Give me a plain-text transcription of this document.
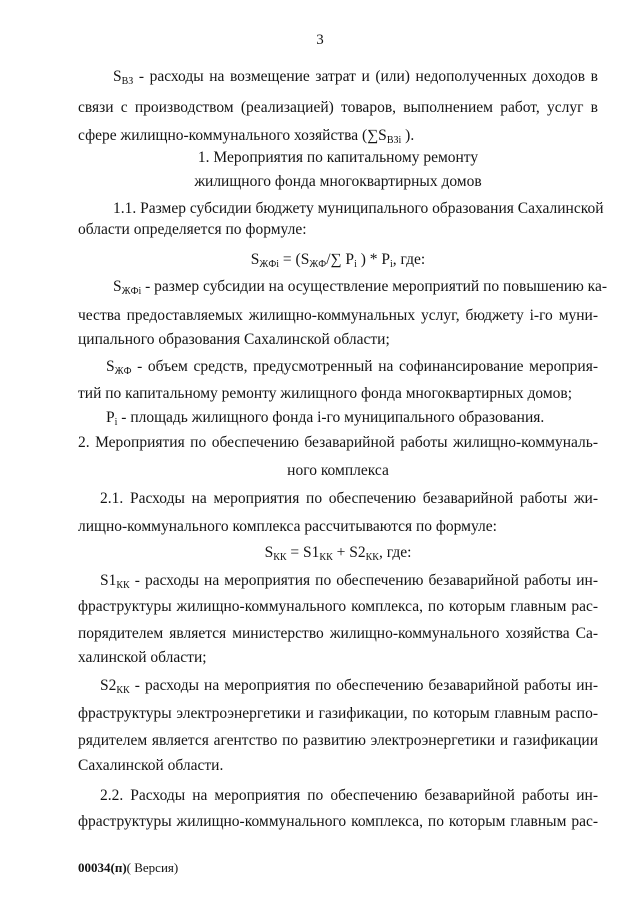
3
$S_{ВЗ}$ - расходы на возмещение затрат и (или) недополученных доходов в
связи с производством (реализацией) товаров, выполнением работ, услуг в
сфере жилищно-коммунального хозяйства ($\sum S_{ВЗi}$ ).
1. Мероприятия по капитальному ремонту
жилищного фонда многоквартирных домов
1.1. Размер субсидии бюджету муниципального образования Сахалинской
области определяется по формуле:
$S_{ЖФi} = (S_{ЖФ}/\sum$ $P_i$ ) * $P_i$, где:
$S_{ЖФi}$ - размер субсидии на осуществление мероприятий по повышению ка-
чества предоставляемых жилищно-коммунальных услуг, бюджету i-го муни-
ципального образования Сахалинской области;
$S_{ЖФ}$ - объем средств, предусмотренный на софинансирование мероприя-
тий по капитальному ремонту жилищного фонда многоквартирных домов;
$P_i$ - площадь жилищного фонда i-го муниципального образования.
2. Мероприятия по обеспечению безаварийной работы жилищно-коммуналь-
ного комплекса
2.1. Расходы на мероприятия по обеспечению безаварийной работы жи-
лищно-коммунального комплекса рассчитываются по формуле:
$S_{КК} = S1_{КК} + S2_{КК}$, где:
$S1_{КК}$ - расходы на мероприятия по обеспечению безаварийной работы ин-
фраструктуры жилищно-коммунального комплекса, по которым главным рас-
порядителем является министерство жилищно-коммунального хозяйства Са-
халинской области;
$S2_{КК}$ - расходы на мероприятия по обеспечению безаварийной работы ин-
фраструктуры электроэнергетики и газификации, по которым главным распо-
рядителем является агентство по развитию электроэнергетики и газификации
Сахалинской области.
2.2. Расходы на мероприятия по обеспечению безаварийной работы ин-
фраструктуры жилищно-коммунального комплекса, по которым главным рас-
00034(п)( Версия)
